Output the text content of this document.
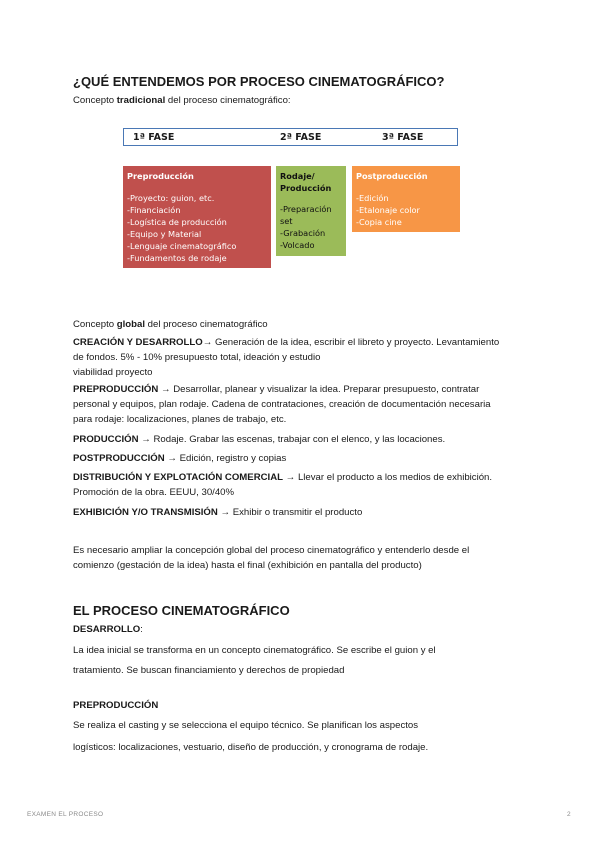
¿QUÉ ENTENDEMOS POR PROCESO CINEMATOGRÁFICO?
Concepto tradicional del proceso cinematográfico:
1ª FASE	2ª FASE	3ª FASE
Preproducción
-Proyecto: guion, etc.
-Financiación
-Logística de producción
-Equipo y Material
-Lenguaje cinematográfico
-Fundamentos de rodaje
Rodaje/
Producción
-Preparación
set
-Grabación
-Volcado
Postproducción
-Edición
-Etalonaje color
-Copia cine
Concepto global del proceso cinematográfico
CREACIÓN Y DESARROLLO→ Generación de la idea, escribir el libreto y proyecto. Levantamiento
de fondos. 5% - 10% presupuesto total, ideación y estudio
viabilidad proyecto
PREPRODUCCIÓN → Desarrollar, planear y visualizar la idea. Preparar presupuesto, contratar
personal y equipos, plan rodaje. Cadena de contrataciones, creación de documentación necesaria
para rodaje: localizaciones, planes de trabajo, etc.
PRODUCCIÓN → Rodaje. Grabar las escenas, trabajar con el elenco, y las locaciones.
POSTPRODUCCIÓN → Edición, registro y copias
DISTRIBUCIÓN Y EXPLOTACIÓN COMERCIAL → Llevar el producto a los medios de exhibición.
Promoción de la obra. EEUU, 30/40%
EXHIBICIÓN Y/O TRANSMISIÓN → Exhibir o transmitir el producto
Es necesario ampliar la concepción global del proceso cinematográfico y entenderlo desde el
comienzo (gestación de la idea) hasta el final (exhibición en pantalla del producto)
EL PROCESO CINEMATOGRÁFICO
DESARROLLO:
La idea inicial se transforma en un concepto cinematográfico. Se escribe el guion y el
tratamiento. Se buscan financiamiento y derechos de propiedad
PREPRODUCCIÓN
Se realiza el casting y se selecciona el equipo técnico. Se planifican los aspectos
logísticos: localizaciones, vestuario, diseño de producción, y cronograma de rodaje.
EXAMEN EL PROCESO	2
